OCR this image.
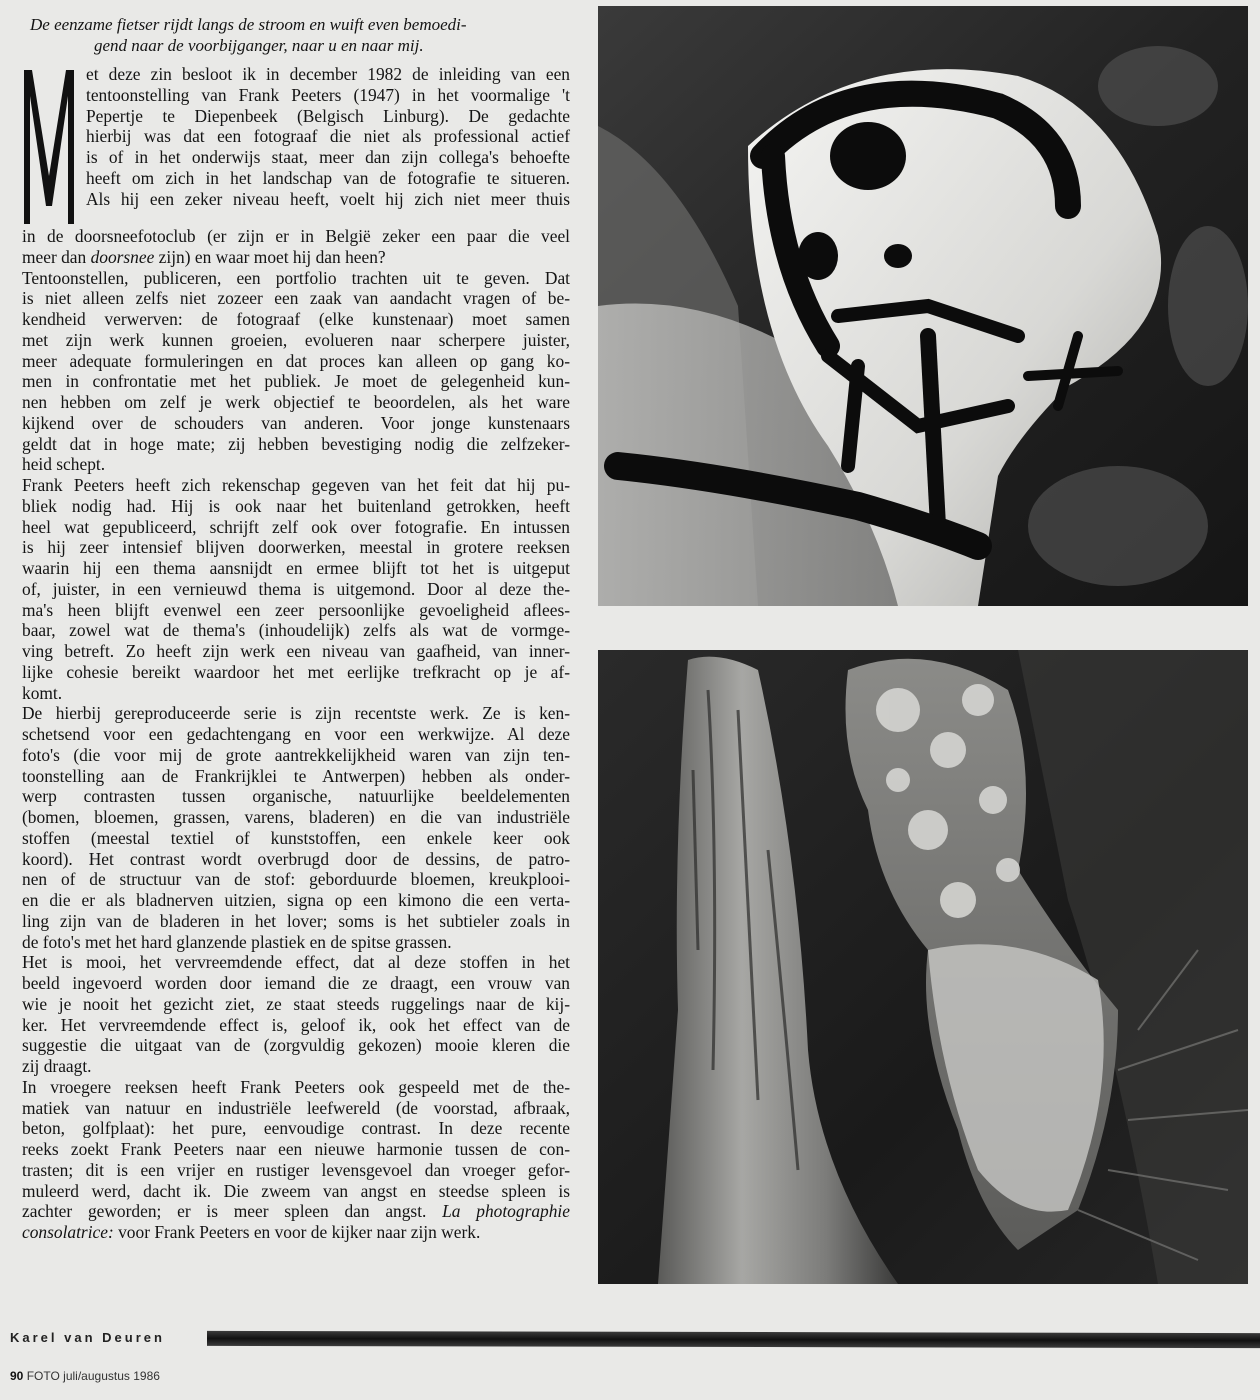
De eenzame fietser rijdt langs de stroom en wuift even bemoedi-
gend naar de voorbijganger, naar u en naar mij.
et deze zin besloot ik in december 1982 de inleiding van een
tentoonstelling van Frank Peeters (1947) in het voormalige 't
Pepertje te Diepenbeek (Belgisch Linburg). De gedachte
hierbij was dat een fotograaf die niet als professional actief
is of in het onderwijs staat, meer dan zijn collega's behoefte
heeft om zich in het landschap van de fotografie te situeren.
Als hij een zeker niveau heeft, voelt hij zich niet meer thuis
in de doorsneefotoclub (er zijn er in België zeker een paar die veel
meer dan doorsnee zijn) en waar moet hij dan heen?
Tentoonstellen, publiceren, een portfolio trachten uit te geven. Dat
is niet alleen zelfs niet zozeer een zaak van aandacht vragen of be-
kendheid verwerven: de fotograaf (elke kunstenaar) moet samen
met zijn werk kunnen groeien, evolueren naar scherpere juister,
meer adequate formuleringen en dat proces kan alleen op gang ko-
men in confrontatie met het publiek. Je moet de gelegenheid kun-
nen hebben om zelf je werk objectief te beoordelen, als het ware
kijkend over de schouders van anderen. Voor jonge kunstenaars
geldt dat in hoge mate; zij hebben bevestiging nodig die zelfzeker-
heid schept.
Frank Peeters heeft zich rekenschap gegeven van het feit dat hij pu-
bliek nodig had. Hij is ook naar het buitenland getrokken, heeft
heel wat gepubliceerd, schrijft zelf ook over fotografie. En intussen
is hij zeer intensief blijven doorwerken, meestal in grotere reeksen
waarin hij een thema aansnijdt en ermee blijft tot het is uitgeput
of, juister, in een vernieuwd thema is uitgemond. Door al deze the-
ma's heen blijft evenwel een zeer persoonlijke gevoeligheid aflees-
baar, zowel wat de thema's (inhoudelijk) zelfs als wat de vormge-
ving betreft. Zo heeft zijn werk een niveau van gaafheid, van inner-
lijke cohesie bereikt waardoor het met eerlijke trefkracht op je af-
komt.
De hierbij gereproduceerde serie is zijn recentste werk. Ze is ken-
schetsend voor een gedachtengang en voor een werkwijze. Al deze
foto's (die voor mij de grote aantrekkelijkheid waren van zijn ten-
toonstelling aan de Frankrijklei te Antwerpen) hebben als onder-
werp contrasten tussen organische, natuurlijke beeldelementen
(bomen, bloemen, grassen, varens, bladeren) en die van industriële
stoffen (meestal textiel of kunststoffen, een enkele keer ook
koord). Het contrast wordt overbrugd door de dessins, de patro-
nen of de structuur van de stof: geborduurde bloemen, kreukplooi-
en die er als bladnerven uitzien, signa op een kimono die een verta-
ling zijn van de bladeren in het lover; soms is het subtieler zoals in
de foto's met het hard glanzende plastiek en de spitse grassen.
Het is mooi, het vervreemdende effect, dat al deze stoffen in het
beeld ingevoerd worden door iemand die ze draagt, een vrouw van
wie je nooit het gezicht ziet, ze staat steeds ruggelings naar de kij-
ker. Het vervreemdende effect is, geloof ik, ook het effect van de
suggestie die uitgaat van de (zorgvuldig gekozen) mooie kleren die
zij draagt.
In vroegere reeksen heeft Frank Peeters ook gespeeld met de the-
matiek van natuur en industriële leefwereld (de voorstad, afbraak,
beton, golfplaat): het pure, eenvoudige contrast. In deze recente
reeks zoekt Frank Peeters naar een nieuwe harmonie tussen de con-
trasten; dit is een vrijer en rustiger levensgevoel dan vroeger gefor-
muleerd werd, dacht ik. Die zweem van angst en steedse spleen is
zachter geworden; er is meer spleen dan angst. La photographie
consolatrice: voor Frank Peeters en voor de kijker naar zijn werk.
Karel van Deuren
90 FOTO juli/augustus 1986
